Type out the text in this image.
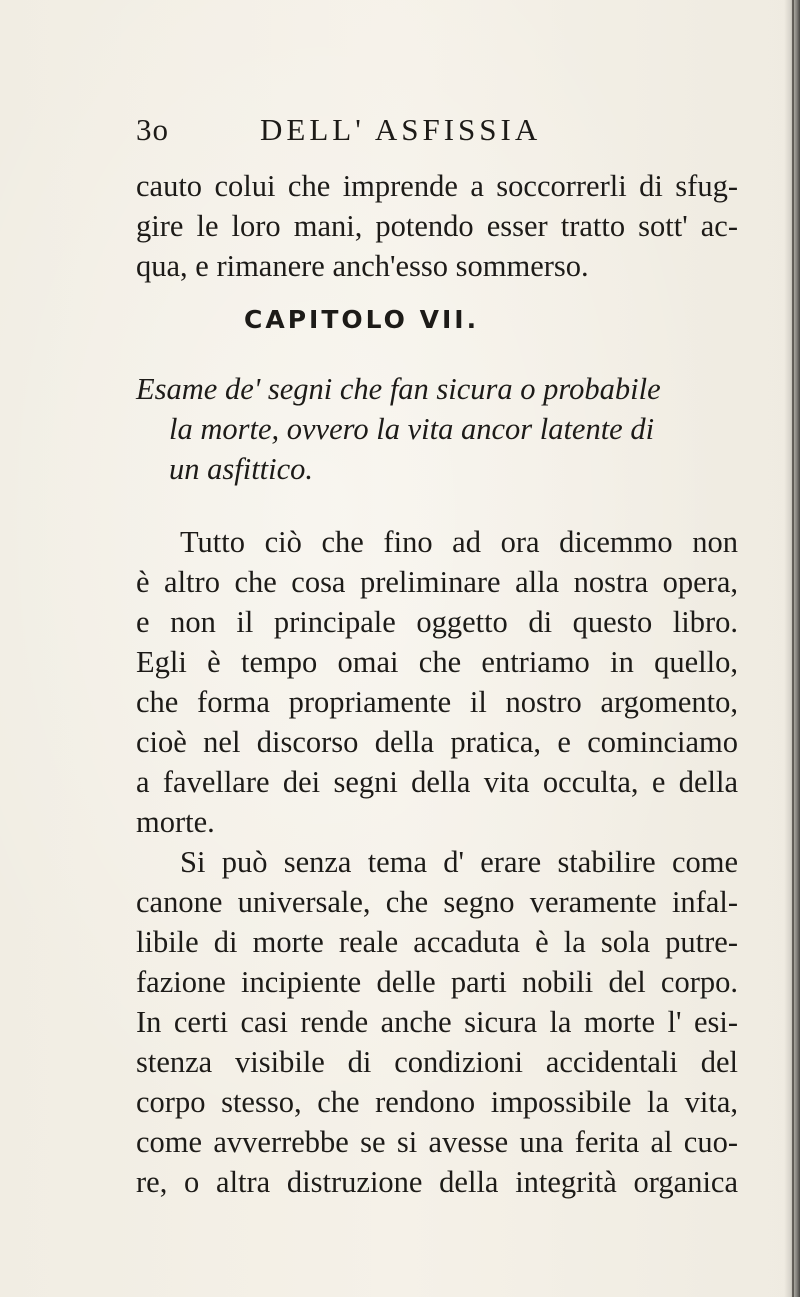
3o	DELL' ASFISSIA
cauto colui che imprende a soccorrerli di sfug-
gire le loro mani, potendo esser tratto sott' ac-
qua, e rimanere anch'esso sommerso.
CAPITOLO VII.
Esame de' segni che fan sicura o probabile
la morte, ovvero la vita ancor latente di
un asfittico.
Tutto ciò che fino ad ora dicemmo non
è altro che cosa preliminare alla nostra opera,
e non il principale oggetto di questo libro.
Egli è tempo omai che entriamo in quello,
che forma propriamente il nostro argomento,
cioè nel discorso della pratica, e cominciamo
a favellare dei segni della vita occulta, e della
morte.
Si può senza tema d' erare stabilire come
canone universale, che segno veramente infal-
libile di morte reale accaduta è la sola putre-
fazione incipiente delle parti nobili del corpo.
In certi casi rende anche sicura la morte l' esi-
stenza visibile di condizioni accidentali del
corpo stesso, che rendono impossibile la vita,
come avverrebbe se si avesse una ferita al cuo-
re, o altra distruzione della integrità organica
